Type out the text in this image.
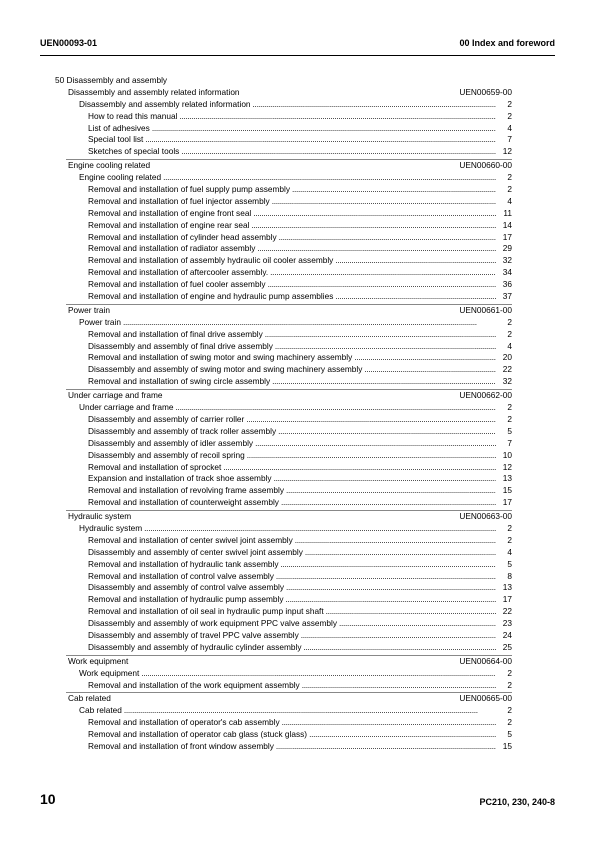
UEN00093-01	00 Index and foreword
50 Disassembly and assembly
Disassembly and assembly related information	UEN00659-00
Disassembly and assembly related information . . .	2
How to read this manual . . .	2
List of adhesives . . .	4
Special tool list . . .	7
Sketches of special tools . . .	12
Engine cooling related	UEN00660-00
Engine cooling related . . .	2
Removal and installation of fuel supply pump assembly . . .	2
Removal and installation of fuel injector assembly . . .	4
Removal and installation of engine front seal . . .	11
Removal and installation of engine rear seal . . .	14
Removal and installation of cylinder head assembly . . .	17
Removal and installation of radiator assembly . . .	29
Removal and installation of assembly hydraulic oil cooler assembly . . .	32
Removal and installation of aftercooler assembly. . . .	34
Removal and installation of fuel cooler assembly . . .	36
Removal and installation of engine and hydraulic pump assemblies . . .	37
Power train	UEN00661-00
Power train . . .	2
Removal and installation of final drive assembly . . .	2
Disassembly and assembly of final drive assembly . . .	4
Removal and installation of swing motor and swing machinery assembly . . .	20
Disassembly and assembly of swing motor and swing machinery assembly . . .	22
Removal and installation of swing circle assembly . . .	32
Under carriage and frame	UEN00662-00
Under carriage and frame . . .	2
Disassembly and assembly of carrier roller . . .	2
Disassembly and assembly of track roller assembly . . .	5
Disassembly and assembly of idler assembly . . .	7
Disassembly and assembly of recoil spring . . .	10
Removal and installation of sprocket . . .	12
Expansion and installation of track shoe assembly . . .	13
Removal and installation of revolving frame assembly . . .	15
Removal and installation of counterweight assembly . . .	17
Hydraulic system	UEN00663-00
Hydraulic system . . .	2
Removal and installation of center swivel joint assembly . . .	2
Disassembly and assembly of center swivel joint assembly . . .	4
Removal and installation of hydraulic tank assembly . . .	5
Removal and installation of control valve assembly . . .	8
Disassembly and assembly of control valve assembly . . .	13
Removal and installation of hydraulic pump assembly . . .	17
Removal and installation of oil seal in hydraulic pump input shaft . . .	22
Disassembly and assembly of work equipment PPC valve assembly . . .	23
Disassembly and assembly of travel PPC valve assembly . . .	24
Disassembly and assembly of hydraulic cylinder assembly . . .	25
Work equipment	UEN00664-00
Work equipment . . .	2
Removal and installation of the work equipment assembly . . .	2
Cab related	UEN00665-00
Cab related . . .	2
Removal and installation of operator's cab assembly . . .	2
Removal and installation of operator cab glass (stuck glass) . . .	5
Removal and installation of front window assembly . . .	15
10	PC210, 230, 240-8
